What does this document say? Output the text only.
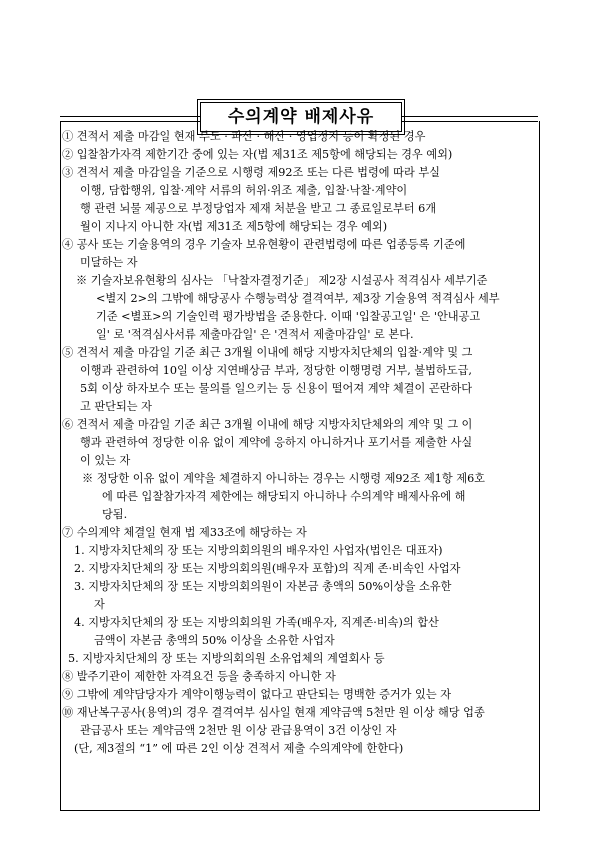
수의계약 배제사유
① 견적서 제출 마감일 현재 부도 · 파산 · 해산 · 영업정지 등이 확정된 경우
② 입찰참가자격 제한기간 중에 있는 자(법 제31조 제5항에 해당되는 경우 예외)
③ 견적서 제출 마감일을 기준으로 시행령 제92조 또는 다른 법령에 따라 부실
이행, 담합행위, 입찰·계약 서류의 허위·위조 제출, 입찰·낙찰·계약이
행 관련 뇌물 제공으로 부정당업자 제재 처분을 받고 그 종료일로부터 6개
월이 지나지 아니한 자(법 제31조 제5항에 해당되는 경우 예외)
④ 공사 또는 기술용역의 경우 기술자 보유현황이 관련법령에 따른 업종등록 기준에
미달하는 자
※ 기술자보유현황의 심사는 「낙찰자결정기준」 제2장 시설공사 적격심사 세부기준
<별지 2>의 그밖에 해당공사 수행능력상 결격여부, 제3장 기술용역 적격심사 세부
기준 <별표>의 기술인력 평가방법을 준용한다. 이때 '입찰공고일' 은 '안내공고
일' 로 '적격심사서류 제출마감일' 은 '견적서 제출마감일' 로 본다.
⑤ 견적서 제출 마감일 기준 최근 3개월 이내에 해당 지방자치단체의 입찰·계약 및 그
이행과 관련하여 10일 이상 지연배상금 부과, 정당한 이행명령 거부, 불법하도급,
5회 이상 하자보수 또는 물의를 일으키는 등 신용이 떨어져 계약 체결이 곤란하다
고 판단되는 자
⑥ 견적서 제출 마감일 기준 최근 3개월 이내에 해당 지방자치단체와의 계약 및 그 이
행과 관련하여 정당한 이유 없이 계약에 응하지 아니하거나 포기서를 제출한 사실
이 있는 자
※ 정당한 이유 없이 계약을 체결하지 아니하는 경우는 시행령 제92조 제1항 제6호
에 따른 입찰참가자격 제한에는 해당되지 아니하나 수의계약 배제사유에 해
당됨.
⑦ 수의계약 체결일 현재 법 제33조에 해당하는 자
1. 지방자치단체의 장 또는 지방의회의원의 배우자인 사업자(법인은 대표자)
2. 지방자치단체의 장 또는 지방의회의원(배우자 포함)의 직계 존·비속인 사업자
3. 지방자치단체의 장 또는 지방의회의원이 자본금 총액의 50%이상을 소유한
자
4. 지방자치단체의 장 또는 지방의회의원 가족(배우자, 직계존·비속)의 합산
금액이 자본금 총액의 50% 이상을 소유한 사업자
5. 지방자치단체의 장 또는 지방의회의원 소유업체의 계열회사 등
⑧ 발주기관이 제한한 자격요건 등을 충족하지 아니한 자
⑨ 그밖에 계약담당자가 계약이행능력이 없다고 판단되는 명백한 증거가 있는 자
⑩ 재난복구공사(용역)의 경우 결격여부 심사일 현재 계약금액 5천만 원 이상 해당 업종
관급공사 또는 계약금액 2천만 원 이상 관급용역이 3건 이상인 자
(단, 제3절의 “1” 에 따른 2인 이상 견적서 제출 수의계약에 한한다)
